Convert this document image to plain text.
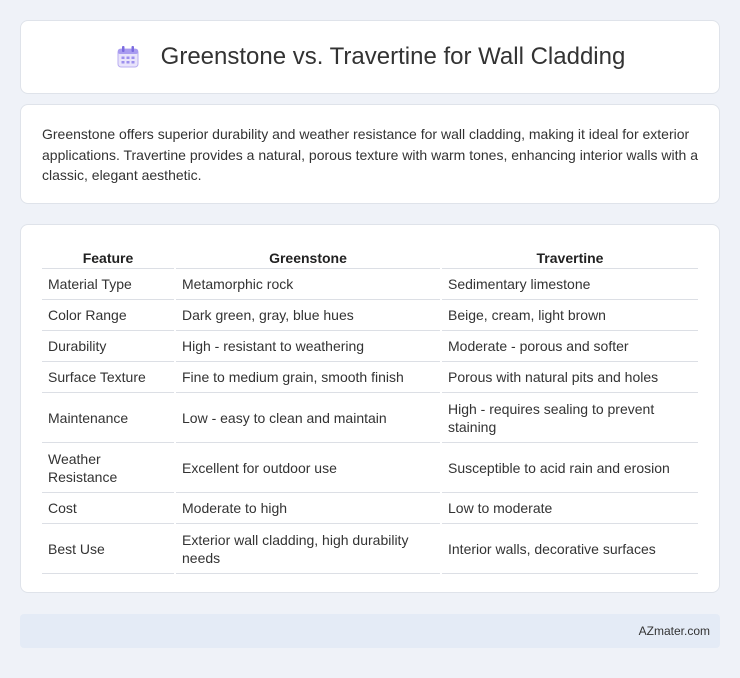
Greenstone vs. Travertine for Wall Cladding

Greenstone offers superior durability and weather resistance for wall cladding, making it ideal for exterior applications. Travertine provides a natural, porous texture with warm tones, enhancing interior walls with a classic, elegant aesthetic.

Feature	Greenstone	Travertine
Material Type	Metamorphic rock	Sedimentary limestone
Color Range	Dark green, gray, blue hues	Beige, cream, light brown
Durability	High - resistant to weathering	Moderate - porous and softer
Surface Texture	Fine to medium grain, smooth finish	Porous with natural pits and holes
Maintenance	Low - easy to clean and maintain	High - requires sealing to prevent staining
Weather Resistance	Excellent for outdoor use	Susceptible to acid rain and erosion
Cost	Moderate to high	Low to moderate
Best Use	Exterior wall cladding, high durability needs	Interior walls, decorative surfaces
AZmater.com
